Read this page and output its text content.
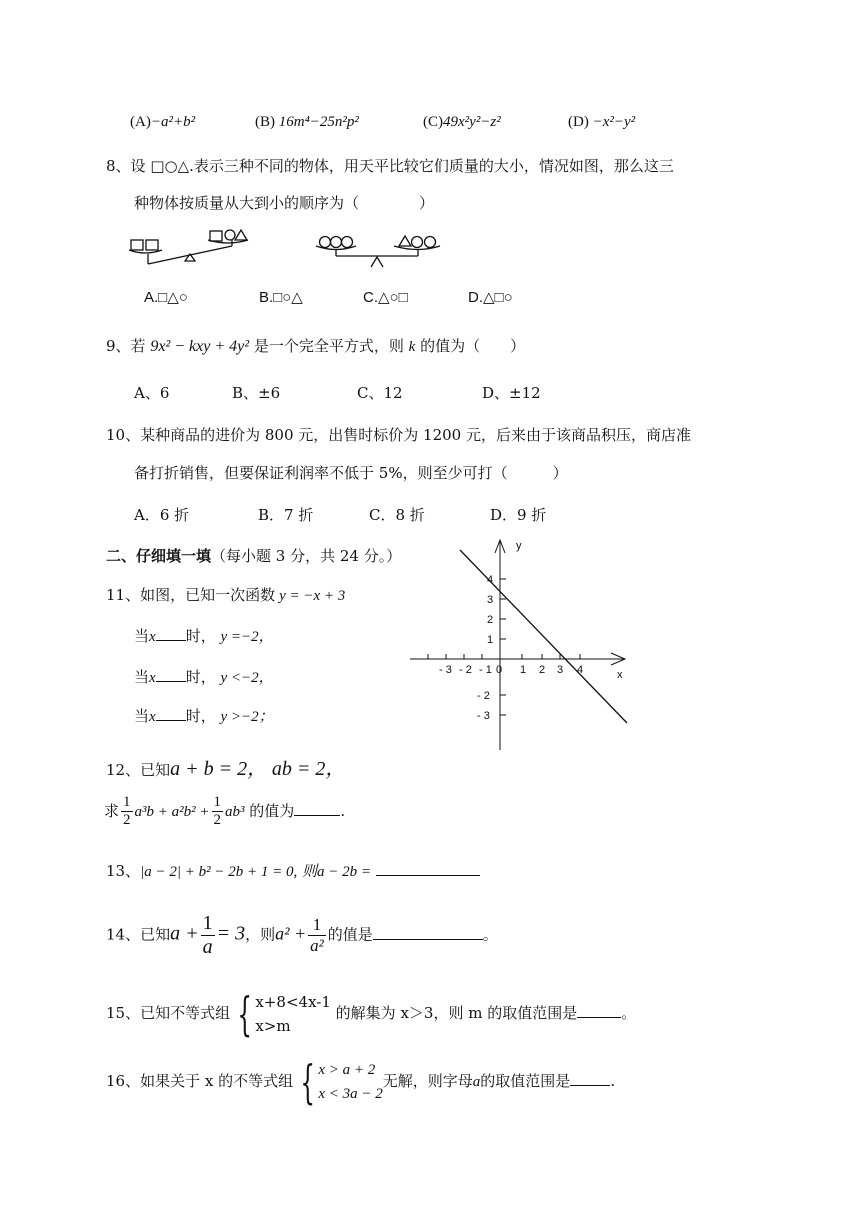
(A)−a²+b²	(B) 16m⁴−25n²p²	(C)49x²y²−z²	(D) −x²−y²
8、设 □○△.表示三种不同的物体，用天平比较它们质量的大小，情况如图，那么这三
种物体按质量从大到小的顺序为（　　　　）
A.□△○	B.□○△	C.△○□	D.△□○
9、若 9x² − kxy + 4y² 是一个完全平方式，则 k 的值为（　　）
A、6	B、±6	C、12	D、±12
10、某种商品的进价为 800 元，出售时标价为 1200 元，后来由于该商品积压，商店准
备打折销售，但要保证利润率不低于 5%，则至少可打（　　　）
A．6 折	B．7 折	C．8 折	D．9 折
二、仔细填一填（每小题 3 分，共 24 分。）
11、如图，已知一次函数 y = −x + 3
当x 时， y =−2，
当x 时， y <−2，
当x 时， y >−2；
y
x
- 3 - 2 - 1 0 1 2 3 4
4
3
2
1
- 2
- 3
12、已知a + b = 2， ab = 2，
求 $\frac{1}{2} a^3b + a^2b^2 + \frac{1}{2} ab^3$ 的值为	.
13、|a − 2| + b² − 2b + 1 = 0, 则a − 2b =
14、已知$a + \frac{1}{a} = 3$，则$a^2 + \frac{1}{\text{a²}}$ 的值是	。
15、已知不等式组 { x+8<4x-1
x>m
的解集为 x＞3，则 m 的取值范围是	。
16、如果关于 x 的不等式组 { x > a + 2
x < 3a − 2
无解，则字母a的取值范围是	.
